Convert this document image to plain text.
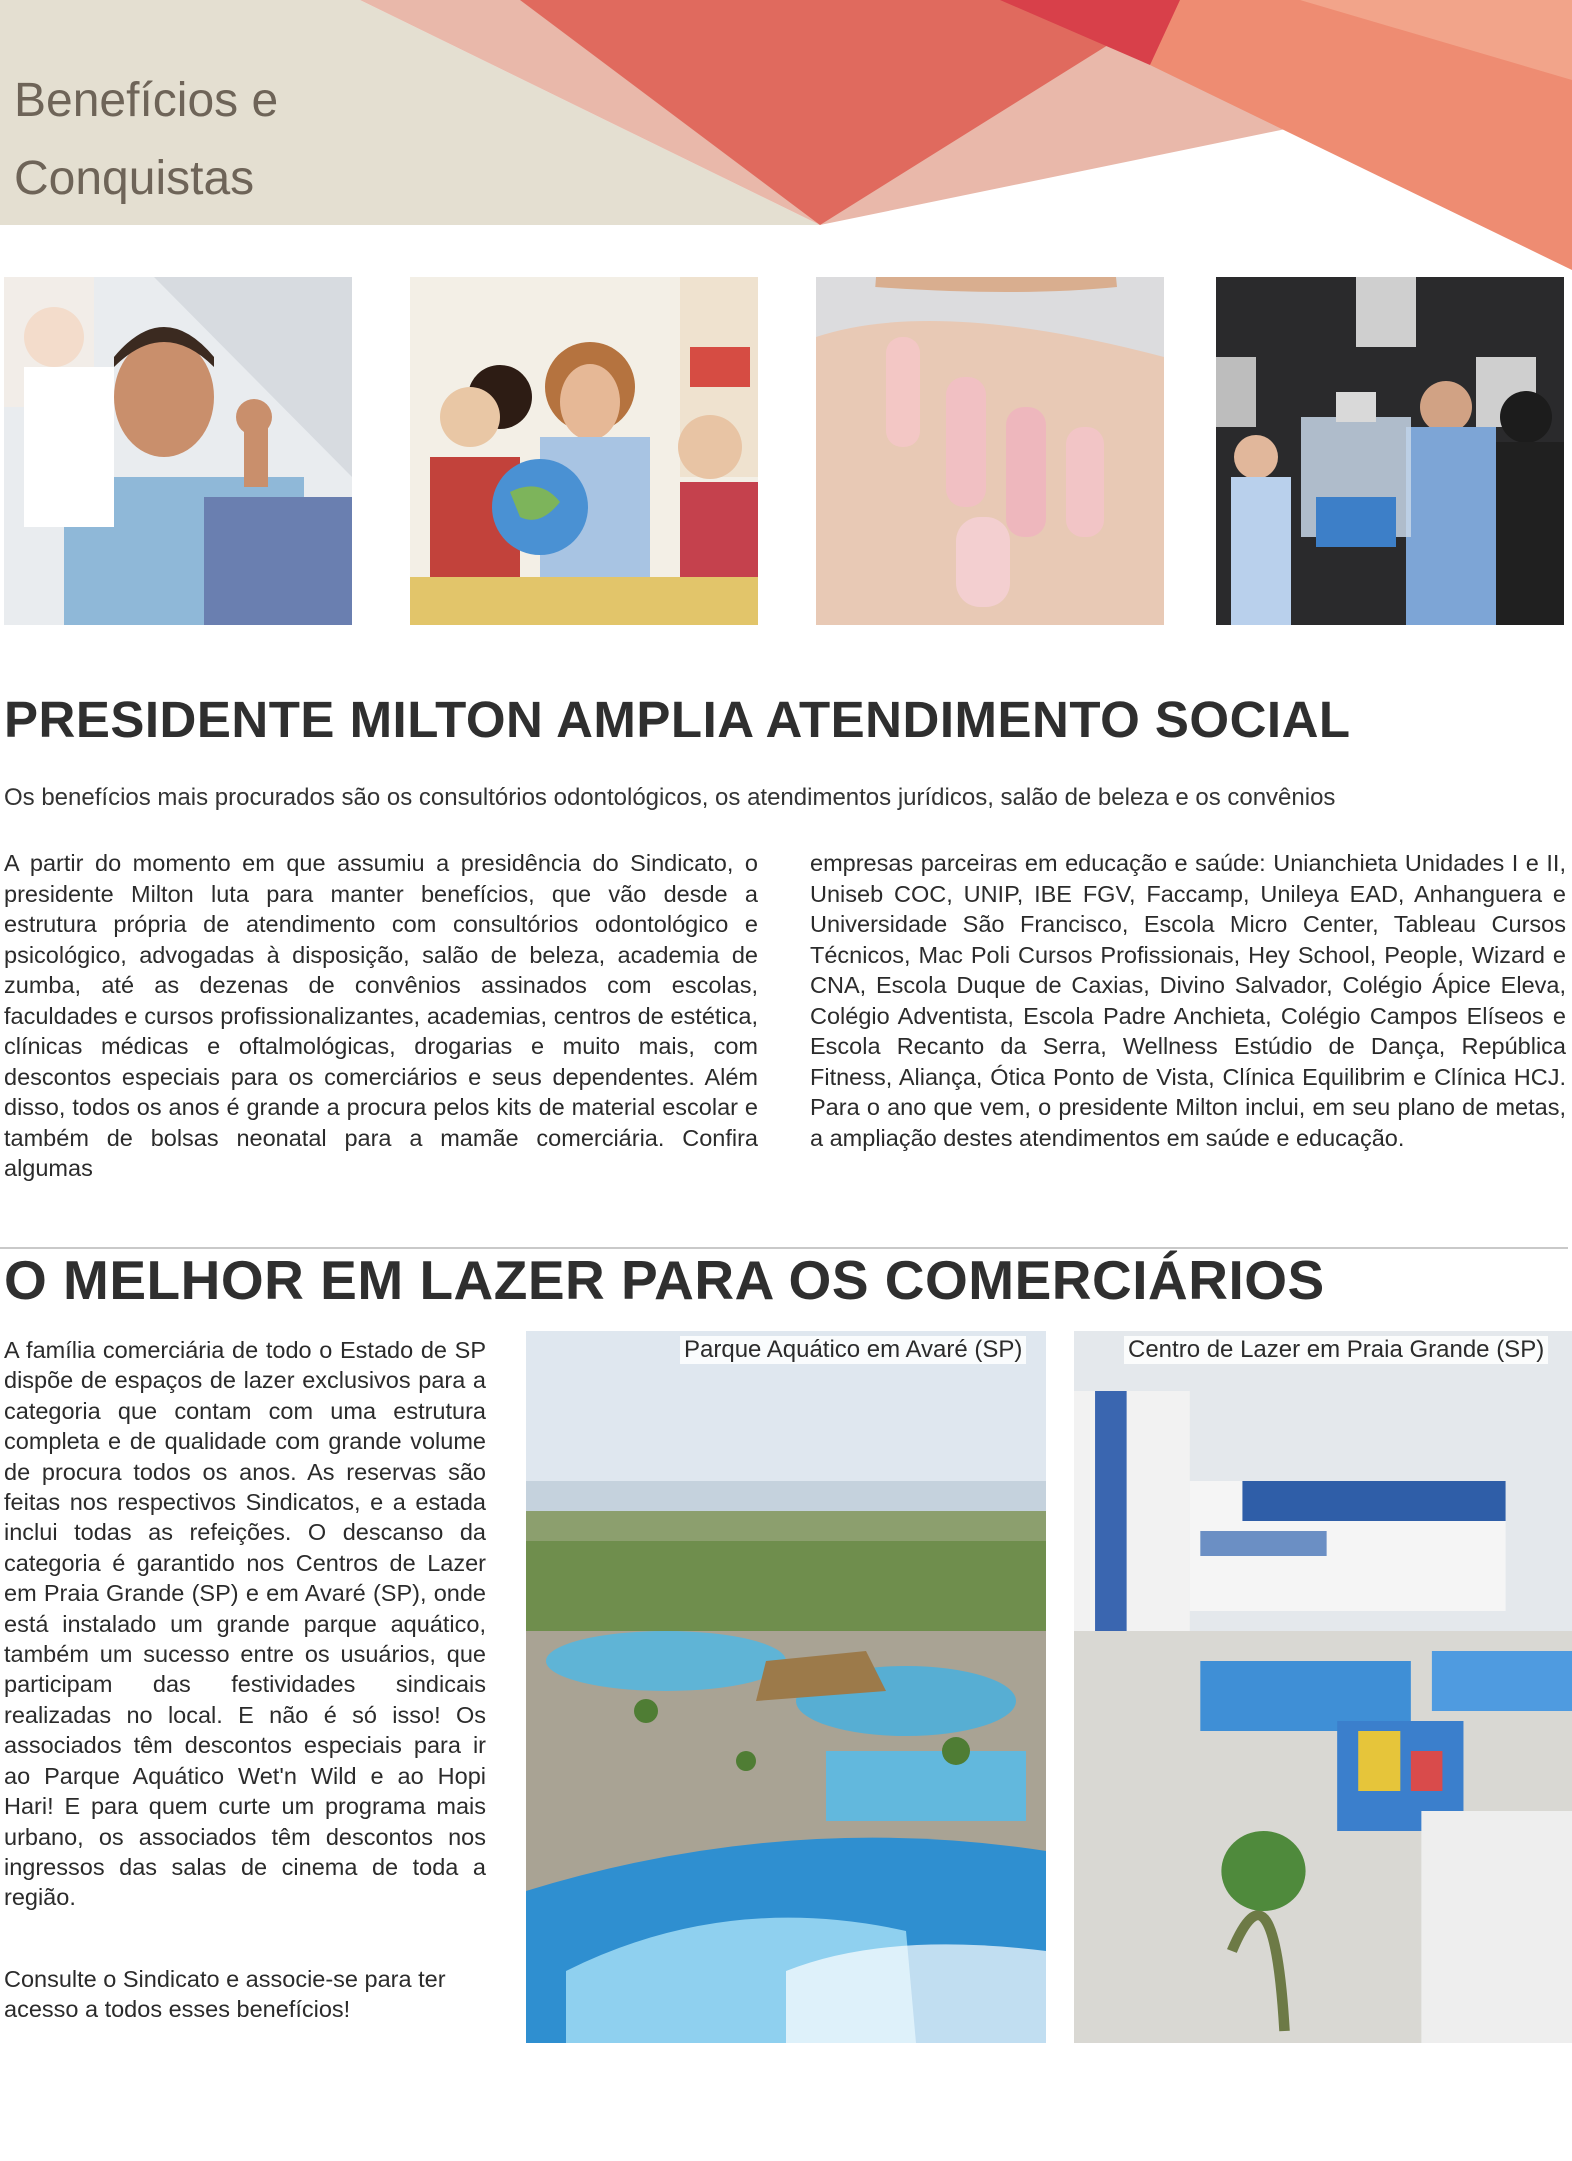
Benefícios e
Conquistas
PRESIDENTE MILTON AMPLIA ATENDIMENTO SOCIAL

Os benefícios mais procurados são os consultórios odontológicos, os atendimentos jurídicos, salão de beleza e os convênios

A partir do momento em que assumiu a presidência do Sindicato, o presidente Milton luta para manter benefícios, que vão desde a estrutura própria de atendimento com consultórios odontológico e psicológico, advogadas à disposição, salão de beleza, academia de zumba, até as dezenas de convênios assinados com escolas, faculdades e cursos profissionalizantes, academias, centros de estética, clínicas médicas e oftalmológicas, drogarias e muito mais, com descontos especiais para os comerciários e seus dependentes. Além disso, todos os anos é grande a procura pelos kits de material escolar e também de bolsas neonatal para a mamãe comerciária. Confira algumas

empresas parceiras em educação e saúde: Unianchieta Unidades I e II, Uniseb COC, UNIP, IBE FGV, Faccamp, Unileya EAD, Anhanguera e Universidade São Francisco, Escola Micro Center, Tableau Cursos Técnicos, Mac Poli Cursos Profissionais, Hey School, People, Wizard e CNA, Escola Duque de Caxias, Divino Salvador, Colégio Ápice Eleva, Colégio Adventista, Escola Padre Anchieta, Colégio Campos Elíseos e Escola Recanto da Serra, Wellness Estúdio de Dança, República Fitness, Aliança, Ótica Ponto de Vista, Clínica Equilibrim e Clínica HCJ. Para o ano que vem, o presidente Milton inclui, em seu plano de metas, a ampliação destes atendimentos em saúde e educação.

O MELHOR EM LAZER PARA OS COMERCIÁRIOS

A família comerciária de todo o Estado de SP dispõe de espaços de lazer exclusivos para a categoria que contam com uma estrutura completa e de qualidade com grande volume de procura todos os anos. As reservas são feitas nos respectivos Sindicatos, e a estada inclui todas as refeições. O descanso da categoria é garantido nos Centros de Lazer em Praia Grande (SP) e em Avaré (SP), onde está instalado um grande parque aquático, também um sucesso entre os usuários, que participam das festividades sindicais realizadas no local. E não é só isso! Os associados têm descontos especiais para ir ao Parque Aquático Wet'n Wild e ao Hopi Hari! E para quem curte um programa mais urbano, os associados têm descontos nos ingressos das salas de cinema de toda a região.

Consulte o Sindicato e associe-se para ter acesso a todos esses benefícios!

Parque Aquático em Avaré (SP)	Centro de Lazer em Praia Grande (SP)
